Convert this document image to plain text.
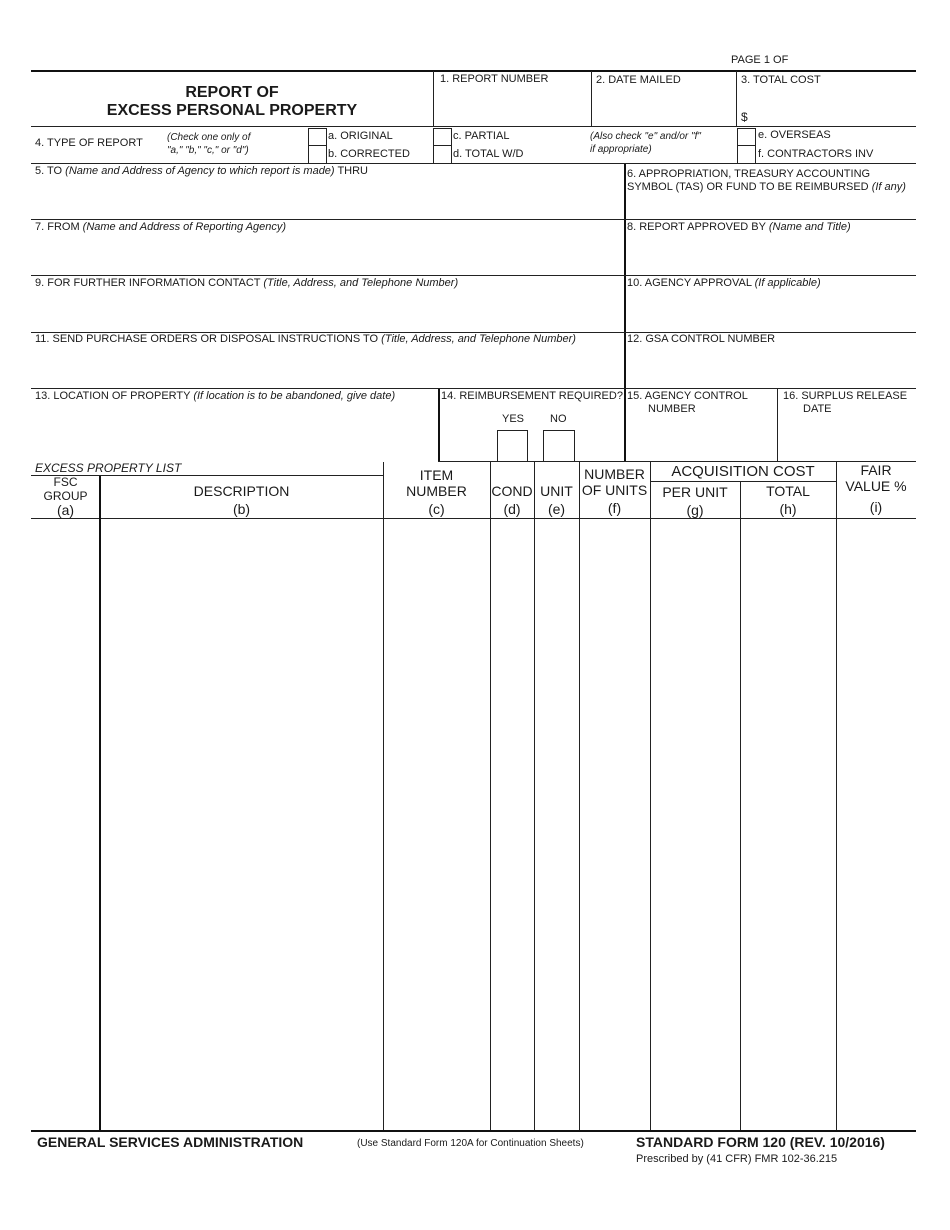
PAGE 1 OF
REPORT OF
EXCESS PERSONAL PROPERTY
1. REPORT NUMBER	2. DATE MAILED	3. TOTAL COST
$
4. TYPE OF REPORT (Check one only of
"a," "b," "c," or "d")
a. ORIGINAL
b. CORRECTED
c. PARTIAL
d. TOTAL W/D
(Also check "e" and/or "f"
if appropriate)
e. OVERSEAS
f. CONTRACTORS INV
5. TO (Name and Address of Agency to which report is made) THRU	6. APPROPRIATION, TREASURY ACCOUNTING
SYMBOL (TAS) OR FUND TO BE REIMBURSED (If any)
7. FROM (Name and Address of Reporting Agency)	8. REPORT APPROVED BY (Name and Title)
9. FOR FURTHER INFORMATION CONTACT (Title, Address, and Telephone Number)	10. AGENCY APPROVAL (If applicable)
11. SEND PURCHASE ORDERS OR DISPOSAL INSTRUCTIONS TO (Title, Address, and Telephone Number)	12. GSA CONTROL NUMBER
13. LOCATION OF PROPERTY (If location is to be abandoned, give date)	14. REIMBURSEMENT REQUIRED?
YES NO
15. AGENCY CONTROL
NUMBER
16. SURPLUS RELEASE
DATE
EXCESS PROPERTY LIST
FSC
GROUP
(a)
DESCRIPTION
(b)
ITEM
NUMBER
(c)
COND
(d)
UNIT
(e)
NUMBER
OF UNITS
(f)
ACQUISITION COST
PER UNIT
(g)
TOTAL
(h)
FAIR
VALUE %
(i)
GENERAL SERVICES ADMINISTRATION	(Use Standard Form 120A for Continuation Sheets)	STANDARD FORM 120 (REV. 10/2016)
Prescribed by (41 CFR) FMR 102-36.215
